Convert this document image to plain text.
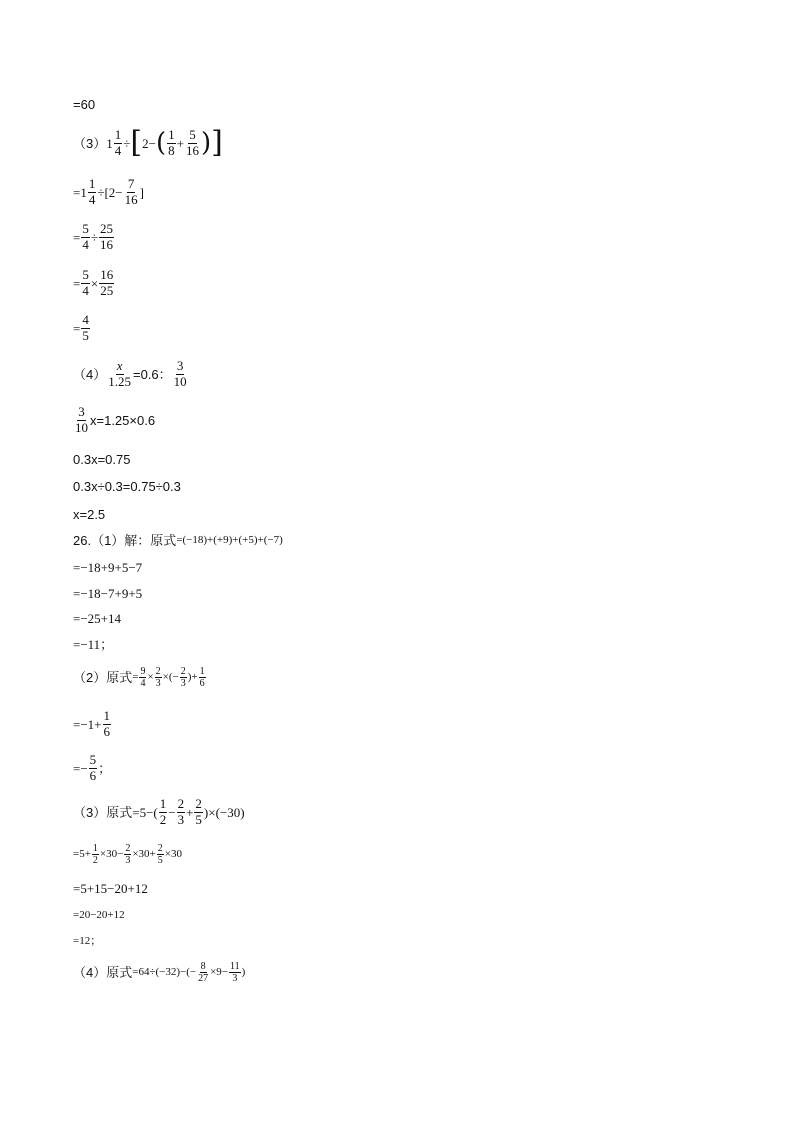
=60
（3） $1 \frac{1}{4}$ ÷ [ 2 − ( $\frac{1}{8} + \frac{5}{16}$ ) ]
= $1 \frac{1}{4} \div[2- \frac{7}{16}$ ]
= $\frac{5}{4} \div \frac{25}{16}$
= $\frac{5}{4} \times \frac{16}{25}$
= $\frac{4}{5}$
$(4) \frac{x}{1.25} =0.6$： $\frac{3}{10}$
$\frac{3}{10} x=1.25\times 0.6$
0.3x=0.75
0.3x÷0.3=0.75÷0.3
x=2.5
26.（1）解：原式 =(−18)+(+9)+(+5)+(−7)
=−18+9+5−7
=−18−7+9+5
=−25+14
=−11；
（2）原式 = $\frac{9}{4} \times \frac{2}{3}$ ×(− $\frac{2}{3}$ )+ $\frac{1}{6}$
$=-1+ \frac{1}{6}$
=− $\frac{5}{6}$ ；
（3）原式 $=5-( \frac{1}{2} - \frac{2}{3} + \frac{2}{5} )\times(-30)$
$=5+ \frac{1}{2} \times 30- \frac{2}{3} \times 30+ \frac{2}{5} \times 30$
=5+15−20+12
=20−20+12
=12；
（4）原式 $=64\div(-32)-(- \frac{8}{27} \times 9- \frac{11}{3}$ )
